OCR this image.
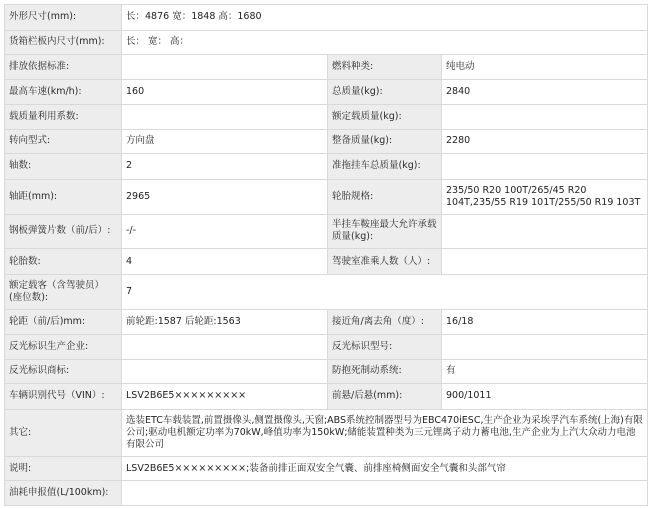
外形尺寸(mm):	长：4876 宽：1848 高：1680		
货箱栏板内尺寸(mm):	长： 宽： 高：		
排放依据标准:		燃料种类:	纯电动
最高车速(km/h):	160	总质量(kg):	2840
载质量利用系数:		额定载质量(kg):	
转向型式:	方向盘	整备质量(kg):	2280
轴数:	2	准拖挂车总质量(kg):	
轴距(mm):	2965	轮胎规格:	235/50 R20 100T/265/45 R20 104T,235/55 R19 101T/255/50 R19 103T
钢板弹簧片数（前/后）:	-/-	半挂车鞍座最大允许承载质量(kg):	
轮胎数:	4	驾驶室准乘人数（人）:	
额定载客（含驾驶员）(座位数):	7		
轮距（前/后)mm:	前轮距:1587 后轮距:1563	接近角/离去角（度）:	16/18
反光标识生产企业:		反光标识型号:	
反光标识商标:		防抱死制动系统:	有
车辆识别代号（VIN）:	LSV2B6E5×××××××××	前悬/后悬(mm):	900/1011
其它:	选装ETC车载装置,前置摄像头,侧置摄像头,天窗;ABS系统控制器型号为EBC470iESC,生产企业为采埃孚汽车系统(上海)有限公司;驱动电机额定功率为70kW,峰值功率为150kW;储能装置种类为三元锂离子动力蓄电池,生产企业为上汽大众动力电池有限公司		
说明:	LSV2B6E5×××××××××;装备前排正面双安全气囊、前排座椅侧面安全气囊和头部气帘		
油耗申报值(L/100km):			
